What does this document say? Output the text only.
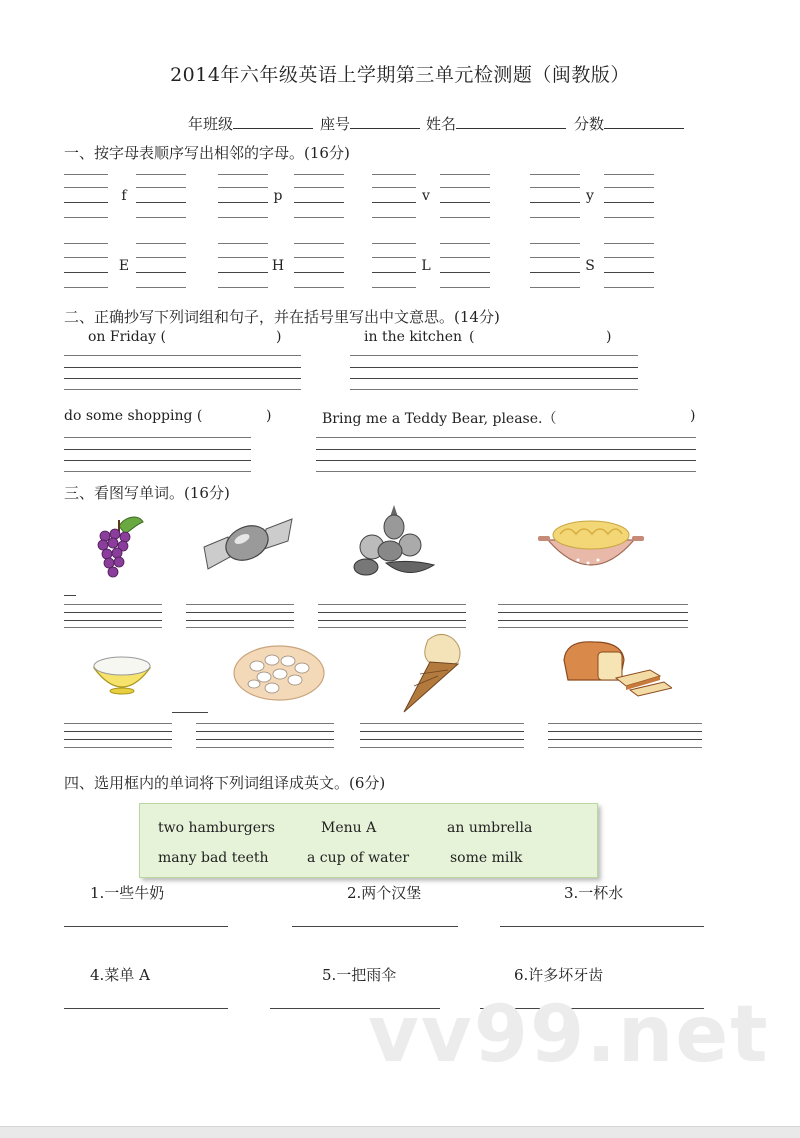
2014年六年级英语上学期第三单元检测题（闽教版）
年班级	座号	姓名	分数
一、按字母表顺序写出相邻的字母。(16分)
f	p	v	y
E	H	L	S
二、正确抄写下列词组和句子，并在括号里写出中文意思。(14分)
on Friday (	)	in the kitchen (	)
do some shopping (	)	Bring me a Teddy Bear, please.（	)
三、看图写单词。(16分)
四、选用框内的单词将下列词组译成英文。(6分)
two hamburgers	Menu A	an umbrella
many bad teeth	a cup of water	some milk
1.一些牛奶	2.两个汉堡	3.一杯水
4.菜单 A	5.一把雨伞	6.许多坏牙齿
vv99.net
